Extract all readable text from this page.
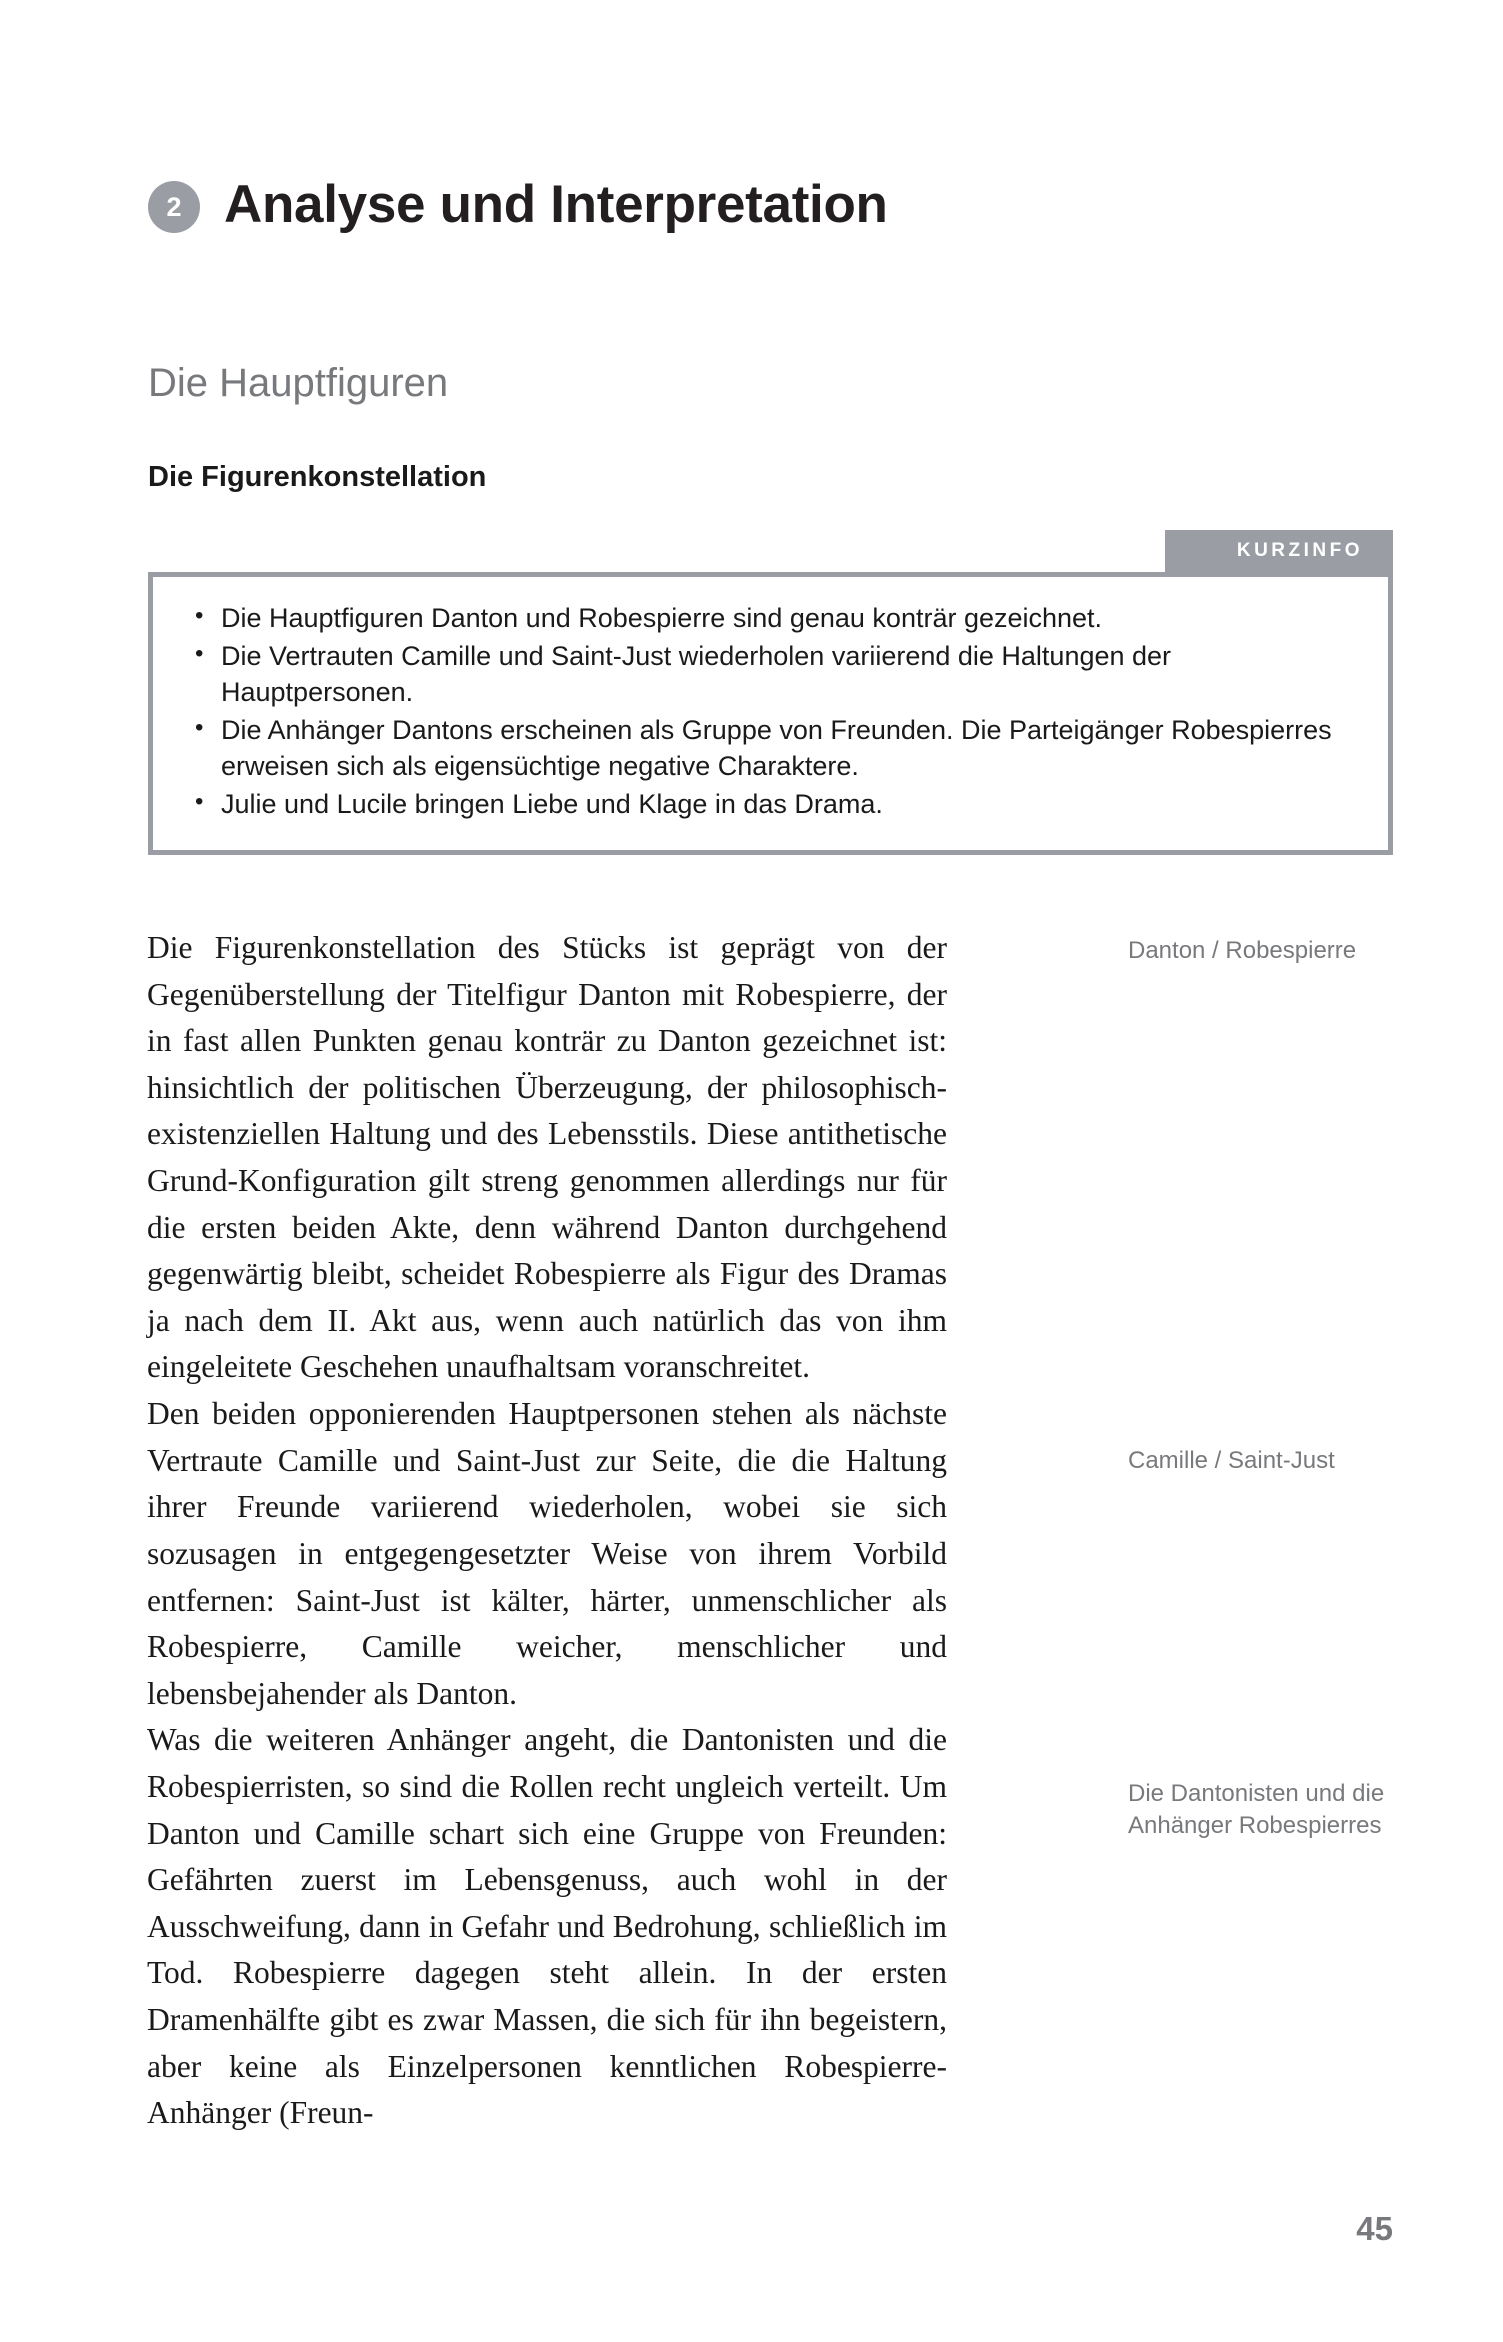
2 Analyse und Interpretation
Die Hauptfiguren
Die Figurenkonstellation
KURZINFO
• Die Hauptfiguren Danton und Robespierre sind genau konträr gezeichnet.
• Die Vertrauten Camille und Saint-Just wiederholen variierend die Haltungen der Hauptpersonen.
• Die Anhänger Dantons erscheinen als Gruppe von Freunden. Die Parteigänger Robespierres erweisen sich als eigensüchtige negative Charaktere.
• Julie und Lucile bringen Liebe und Klage in das Drama.

Die Figurenkonstellation des Stücks ist geprägt von der Gegenüberstellung der Titelfigur Danton mit Robespierre, der in fast allen Punkten genau konträr zu Danton gezeichnet ist: hinsichtlich der politischen Überzeugung, der philosophisch-existenziellen Haltung und des Lebensstils. Diese antithetische Grund-Konfiguration gilt streng genommen allerdings nur für die ersten beiden Akte, denn während Danton durchgehend gegenwärtig bleibt, scheidet Robespierre als Figur des Dramas ja nach dem II. Akt aus, wenn auch natürlich das von ihm eingeleitete Geschehen unaufhaltsam voranschreitet.

Den beiden opponierenden Hauptpersonen stehen als nächste Vertraute Camille und Saint-Just zur Seite, die die Haltung ihrer Freunde variierend wiederholen, wobei sie sich sozusagen in entgegengesetzter Weise von ihrem Vorbild entfernen: Saint-Just ist kälter, härter, unmenschlicher als Robespierre, Camille weicher, menschlicher und lebensbejahender als Danton.

Was die weiteren Anhänger angeht, die Dantonisten und die Robespierristen, so sind die Rollen recht ungleich verteilt. Um Danton und Camille schart sich eine Gruppe von Freunden: Gefährten zuerst im Lebensgenuss, auch wohl in der Ausschweifung, dann in Gefahr und Bedrohung, schließlich im Tod. Robespierre dagegen steht allein. In der ersten Dramenhälfte gibt es zwar Massen, die sich für ihn begeistern, aber keine als Einzelpersonen kenntlichen Robespierre-Anhänger (Freun-

Danton / Robespierre
Camille / Saint-Just
Die Dantonisten und die Anhänger Robespierres
45
